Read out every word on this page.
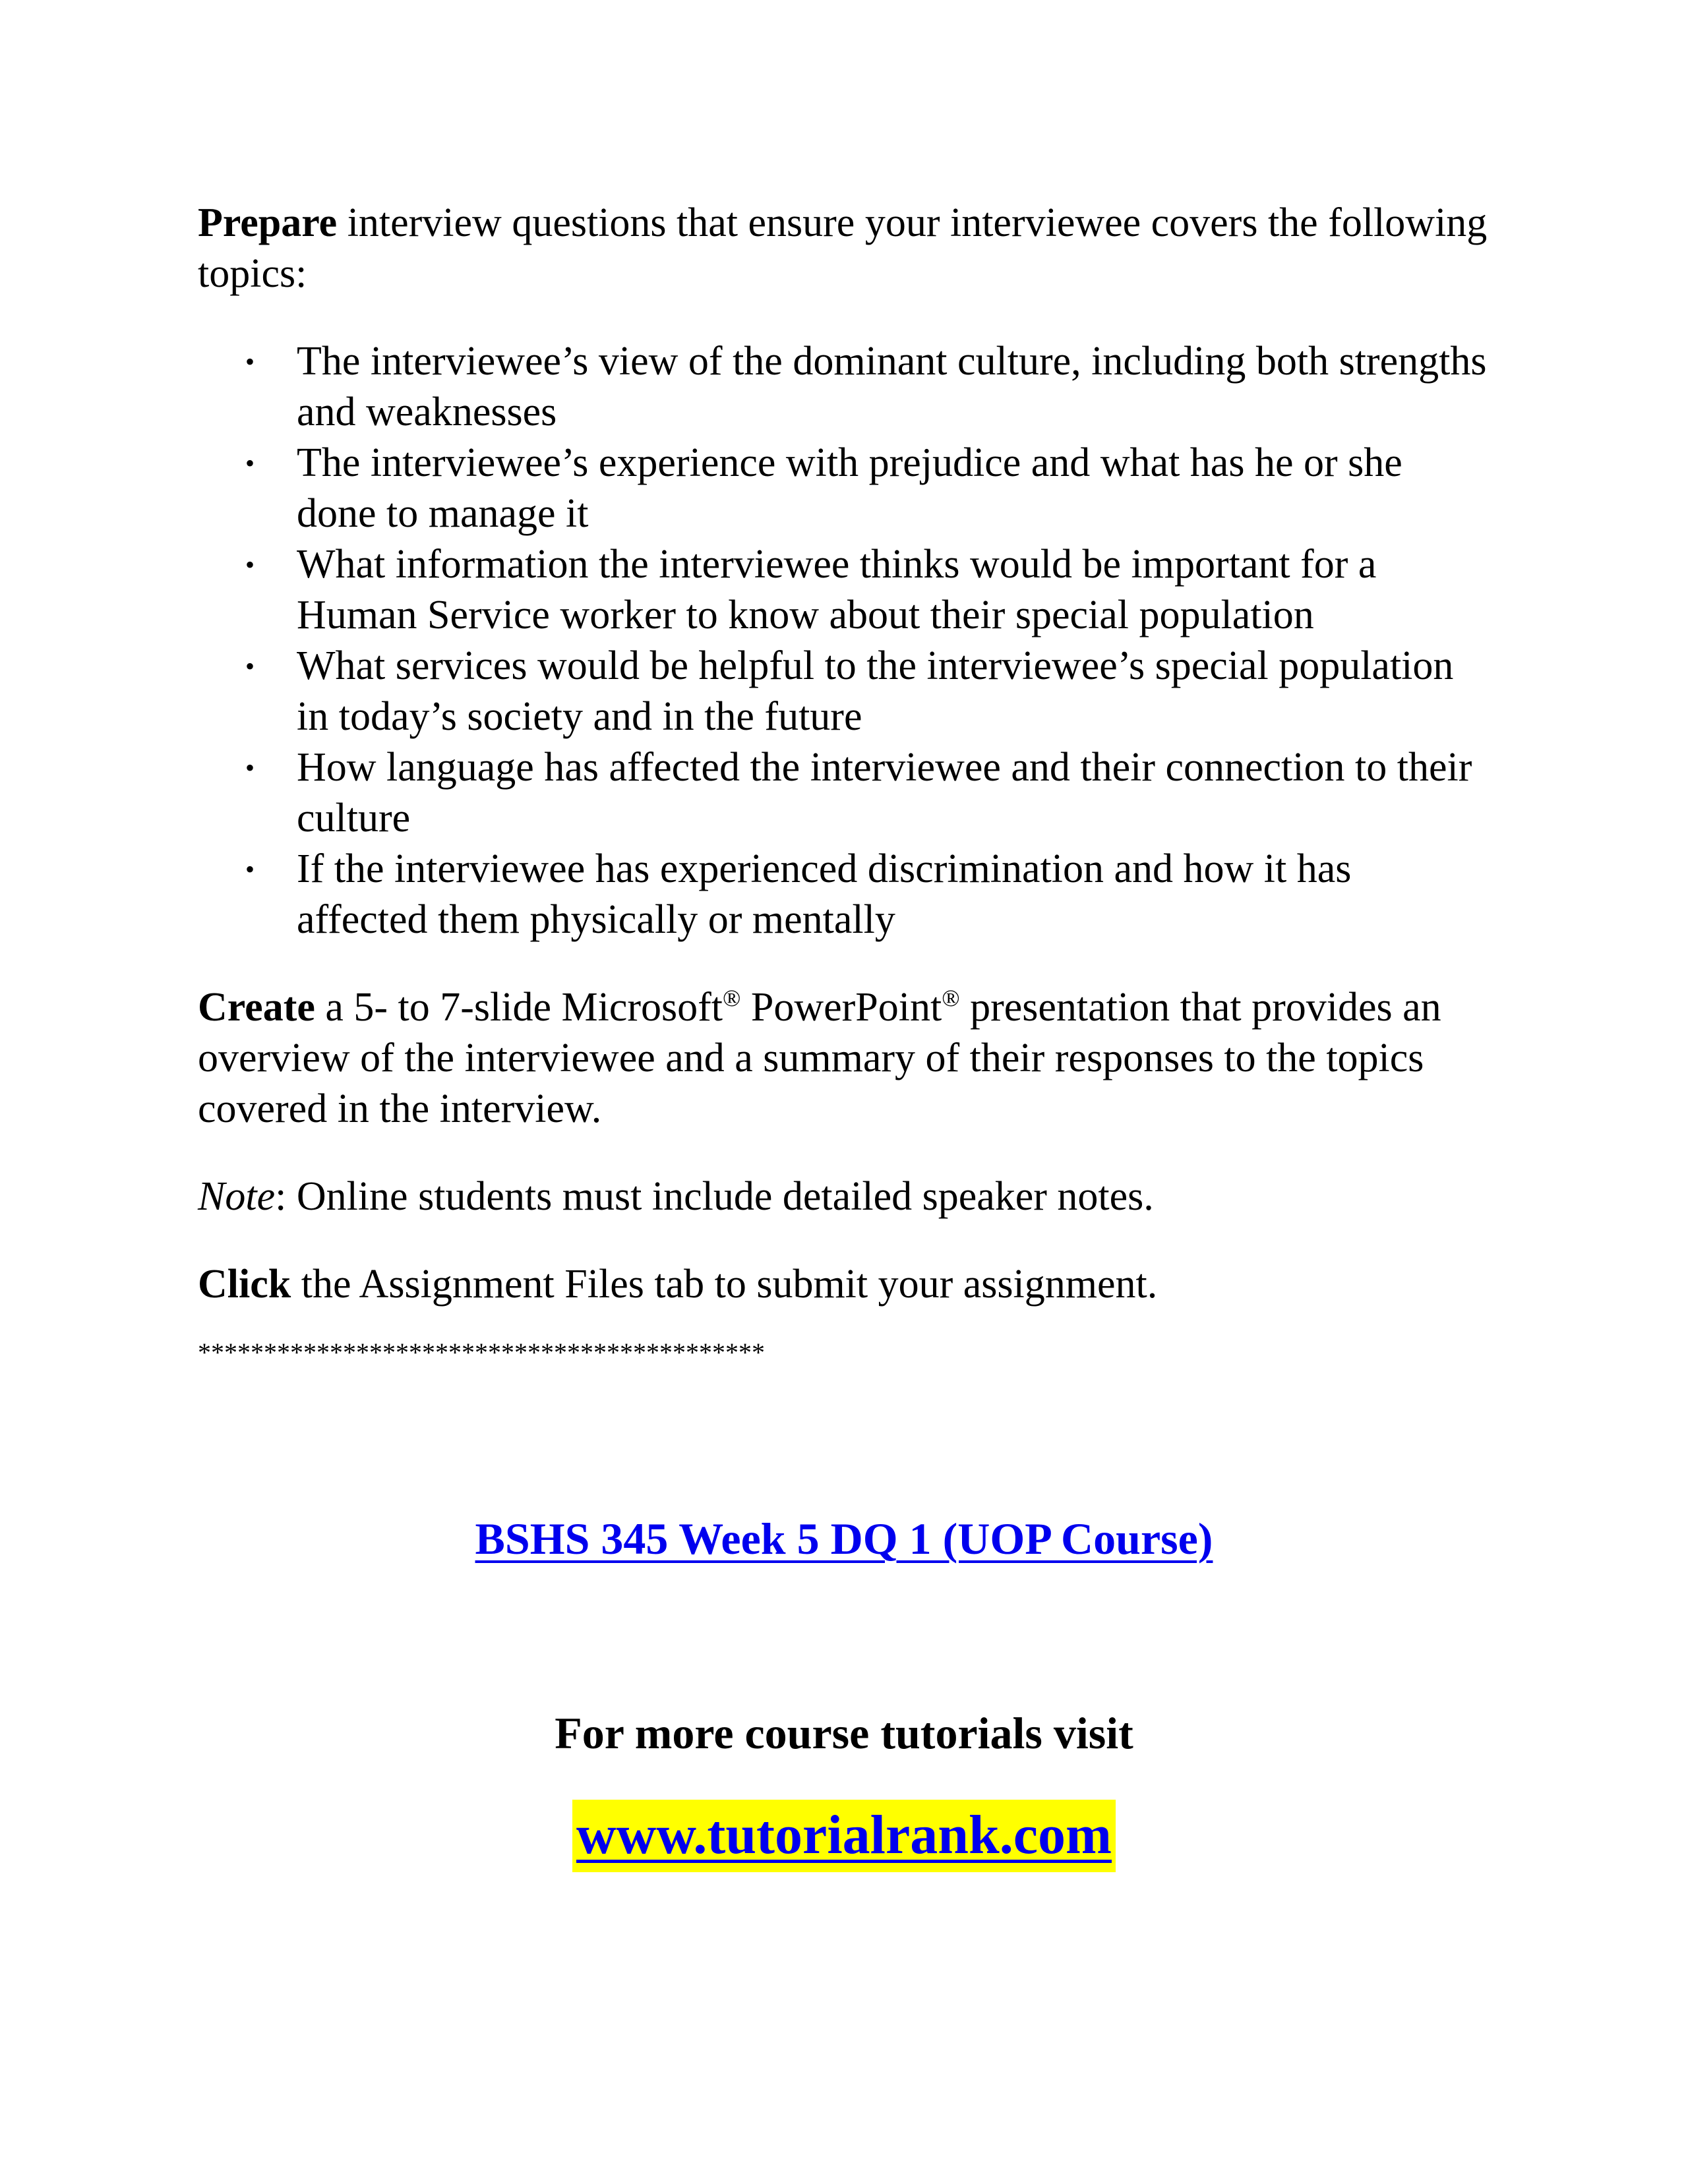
Prepare interview questions that ensure your interviewee covers the following topics:

• The interviewee’s view of the dominant culture, including both strengths and weaknesses
• The interviewee’s experience with prejudice and what has he or she done to manage it
• What information the interviewee thinks would be important for a Human Service worker to know about their special population
• What services would be helpful to the interviewee’s special population in today’s society and in the future
• How language has affected the interviewee and their connection to their culture
• If the interviewee has experienced discrimination and how it has affected them physically or mentally

Create a 5- to 7-slide Microsoft® PowerPoint® presentation that provides an overview of the interviewee and a summary of their responses to the topics covered in the interview.

Note: Online students must include detailed speaker notes.

Click the Assignment Files tab to submit your assignment.

*******************************************

BSHS 345 Week 5 DQ 1 (UOP Course)
For more course tutorials visit
www.tutorialrank.com
